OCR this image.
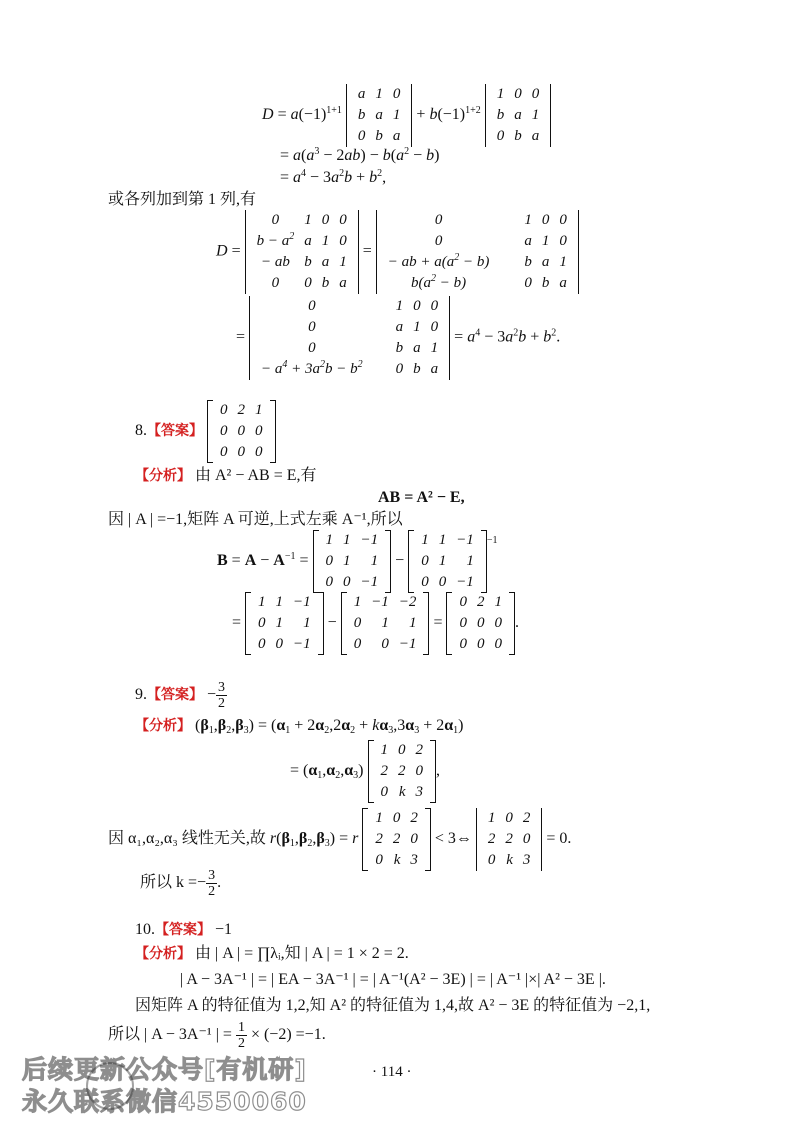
$D = a(-1)^{1+1}$
a	1	0
b	a	1
0	b	a
+ $b(-1)^{1+2}$
1	0	0
b	a	1
0	b	a
= $a(a^3 - 2ab) - b(a^2 - b)$
= $a^4 - 3a^2b + b^2$,
或各列加到第 1 列,有
D =
0	1	0	0
$b - a^2$	a	1	0
− ab	b	a	1
0	0	b	a
=
0	1	0	0
0	a	1	0
− ab + $a(a^2 - b)$	b	a	1
$b(a^2 - b)$	0	b	a
=
0	1	0	0
0	a	1	0
0	b	a	1
− $a^4 + 3a^2b - b^2$	0	b	a
= $a^4 - 3a^2b + b^2$.
8.【答案】
0	2	1
0	0	0
0	0	0
【分析】 由 A² − AB = E,有
AB = A² − E,
因 | A | =−1,矩阵 A 可逆,上式左乘 A⁻¹,所以
$B = A - A^{-1}$ =
1	1	−1
0	1	1
0	0	−1
−
1	1	−1
0	1	1
0	0	−1
$^{-1}$
=
1	1	−1
0	1	1
0	0	−1
−
1	−1	−2
0	1	1
0	0	−1
=
0	2	1
0	0	0
0	0	0
.
9.【答案】 − $\frac{3}{2}$
【分析】 $(\beta_1,\beta_2,\beta_3) = (\alpha_1 + 2\alpha_2,2\alpha_2 + k\alpha_3,3\alpha_3 + 2\alpha_1)$
= $(\alpha_1,\alpha_2,\alpha_3)$
1	0	2
2	2	0
0	k	3
,
因 α₁,α₂,α₃ 线性无关,故 $r(\beta_1,\beta_2,\beta_3) = r$
1	0	2
2	2	0
0	k	3
< 3⇔
1	0	2
2	2	0
0	k	3
= 0.
所以 $k =- \frac{3}{2}$ .
10.【答案】 −1
【分析】 由 | A | = ∏λᵢ,知 | A | = 1 × 2 = 2.
| A − 3A⁻¹ | = | EA − 3A⁻¹ | = | A⁻¹(A² − 3E) | = | A⁻¹ |×| A² − 3E |.
因矩阵 A 的特征值为 1,2,知 A² 的特征值为 1,4,故 A² − 3E 的特征值为 −2,1,
所以 | A − 3A⁻¹ | = $\frac{1}{2} \times (-2) =-1$.
· 114 ·
后续更新公众号[有机研]
永久联系微信4550060
